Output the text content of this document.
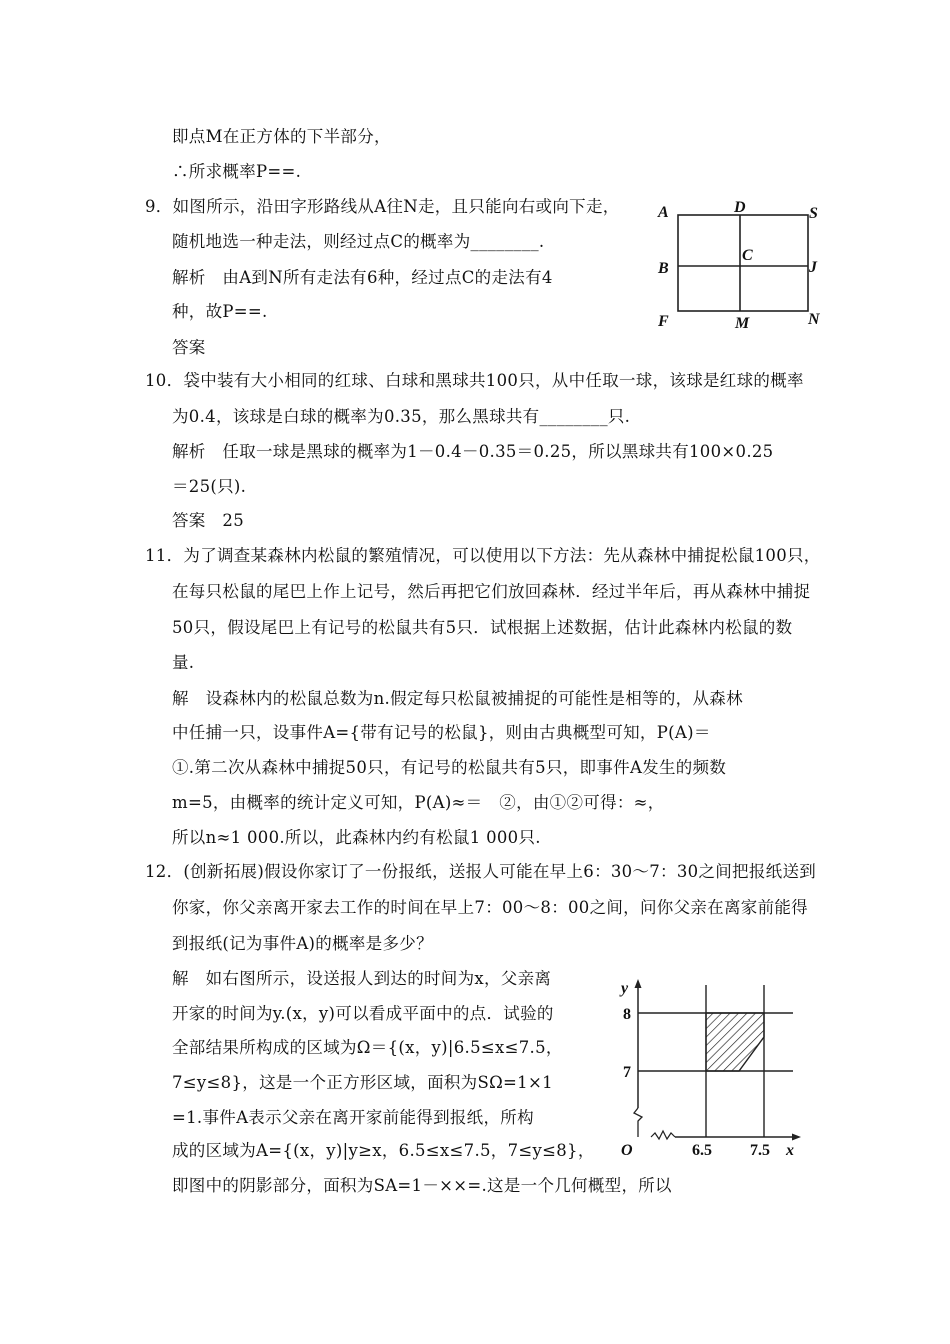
即点M在正方体的下半部分，
∴所求概率P==.
9．如图所示，沿田字形路线从A往N走，且只能向右或向下走，
随机地选一种走法，则经过点C的概率为________.
解析　由A到N所有走法有6种，经过点C的走法有4
种，故P==.
答案
10．袋中装有大小相同的红球、白球和黑球共100只，从中任取一球，该球是红球的概率
为0.4，该球是白球的概率为0.35，那么黑球共有________只.
解析　任取一球是黑球的概率为1－0.4－0.35＝0.25，所以黑球共有100×0.25
＝25(只).
答案　25
11．为了调查某森林内松鼠的繁殖情况，可以使用以下方法：先从森林中捕捉松鼠100只，
在每只松鼠的尾巴上作上记号，然后再把它们放回森林．经过半年后，再从森林中捕捉
50只，假设尾巴上有记号的松鼠共有5只．试根据上述数据，估计此森林内松鼠的数
量.
解　设森林内的松鼠总数为n.假定每只松鼠被捕捉的可能性是相等的，从森林
中任捕一只，设事件A={带有记号的松鼠}，则由古典概型可知，P(A)＝
①.第二次从森林中捕捉50只，有记号的松鼠共有5只，即事件A发生的频数
m=5，由概率的统计定义可知，P(A)≈＝　②，由①②可得：≈，
所以n≈1 000.所以，此森林内约有松鼠1 000只.
12．(创新拓展)假设你家订了一份报纸，送报人可能在早上6：30～7：30之间把报纸送到
你家，你父亲离开家去工作的时间在早上7：00～8：00之间，问你父亲在离家前能得
到报纸(记为事件A)的概率是多少？
解　如右图所示，设送报人到达的时间为x，父亲离
开家的时间为y.(x，y)可以看成平面中的点．试验的
全部结果所构成的区域为Ω＝{(x，y)|6.5≤x≤7.5，
7≤y≤8}，这是一个正方形区域，面积为SΩ=1×1
=1.事件A表示父亲在离开家前能得到报纸，所构
成的区域为A={(x，y)|y≥x，6.5≤x≤7.5，7≤y≤8}，
即图中的阴影部分，面积为SA=1－××=.这是一个几何概型，所以
A	D	S
B
C
J
F	M	N
y
8
7
O	6.5 7.5 x
